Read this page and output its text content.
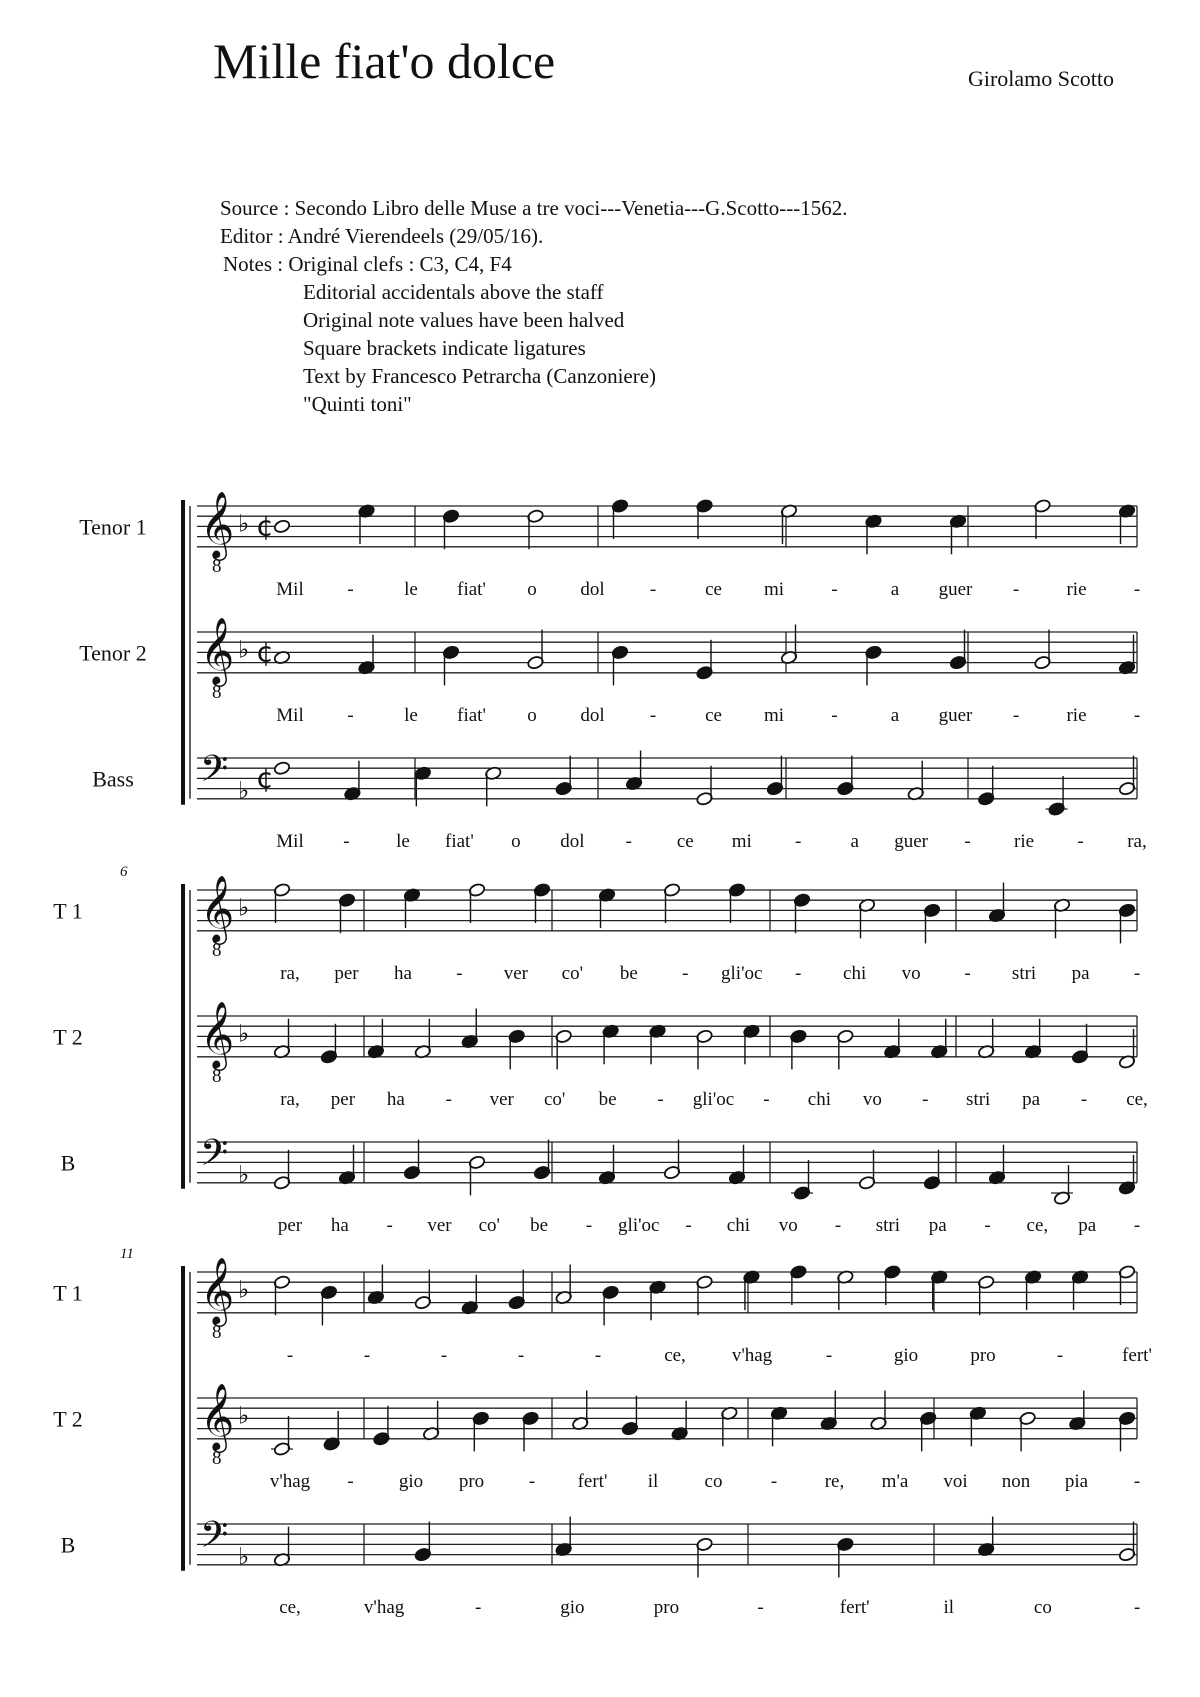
Mille fiat'o dolce	Girolamo Scotto
Source : Secondo Libro delle Muse a tre voci---Venetia---G.Scotto---1562.
Editor : André Vierendeels (29/05/16).
Notes : Original clefs : C3, C4, F4
Editorial accidentals above the staff
Original note values have been halved
Square brackets indicate ligatures
Text by Francesco Petrarcha (Canzoniere)
"Quinti toni"
Tenor 1 𝄞
8
♭ ¢
Mil -	le fiat' o dol -	ce mi -	a guer - rie -
Tenor 2 𝄞
8
♭ ¢
Mil -	le fiat' o dol -	ce mi -	a guer - rie -
Bass 𝄢 ♭ ¢
Mil - le fiat' o dol - ce mi -	a guer - rie - ra,
6
T 1 𝄞
8
♭
ra, per ha - ver co' be - gli'oc - chi vo - stri pa -
T 2 𝄞
8
♭
ra, per ha - ver co' be - gli'oc - chi vo - stri pa - ce,
B	𝄢 ♭
per ha - ver co' be - gli'oc - chi vo - stri pa - ce, pa -
11
T 1 𝄞
8
♭
-	-	-	-	-	ce, v'hag	-	gio	pro	-	fert'
T 2 𝄞
8
♭
v'hag - gio pro - fert' il co	-	re, m'a voi non pia -
B	𝄢 ♭
ce,	v'hag	-	gio	pro	-	fert'	il	co	-
